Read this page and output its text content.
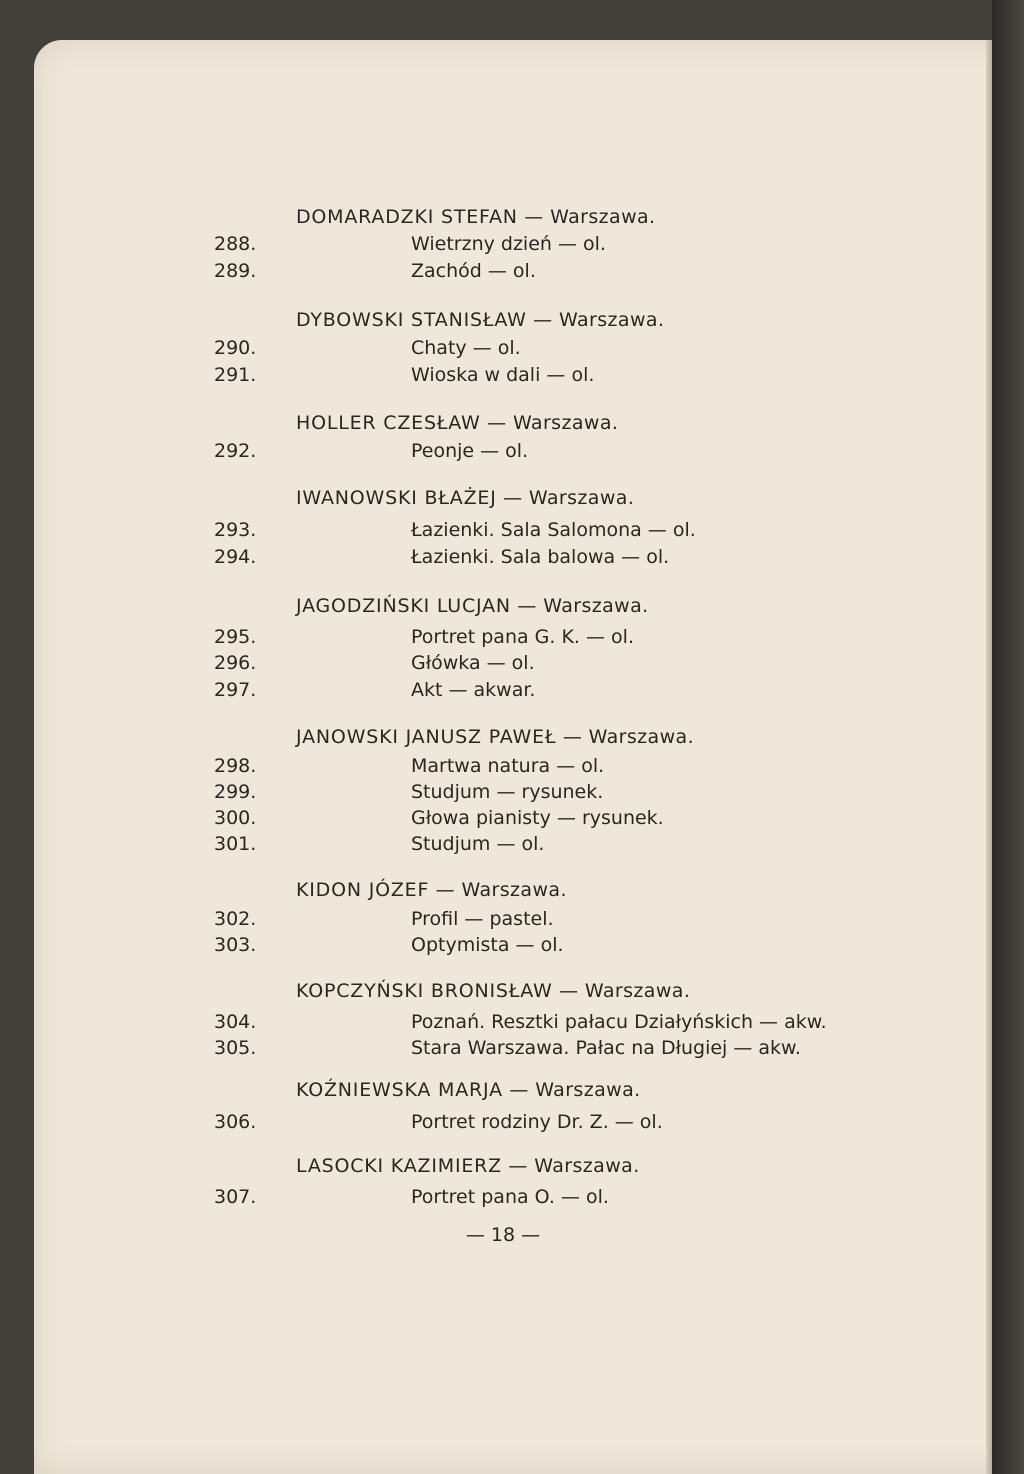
DOMARADZKI STEFAN — Warszawa.
288.	Wietrzny dzień — ol.
289.	Zachód — ol.
DYBOWSKI STANISŁAW — Warszawa.
290.	Chaty — ol.
291.	Wioska w dali — ol.
HOLLER CZESŁAW — Warszawa.
292.	Peonje — ol.
IWANOWSKI BŁAŻEJ — Warszawa.
293.	Łazienki. Sala Salomona — ol.
294.	Łazienki. Sala balowa — ol.
JAGODZIŃSKI LUCJAN — Warszawa.
295.	Portret pana G. K. — ol.
296.	Główka — ol.
297.	Akt — akwar.
JANOWSKI JANUSZ PAWEŁ — Warszawa.
298.	Martwa natura — ol.
299.	Studjum — rysunek.
300.	Głowa pianisty — rysunek.
301.	Studjum — ol.
KIDON JÓZEF — Warszawa.
302.	Profil — pastel.
303.	Optymista — ol.
KOPCZYŃSKI BRONISŁAW — Warszawa.
304.	Poznań. Resztki pałacu Działyńskich — akw.
305.	Stara Warszawa. Pałac na Długiej — akw.
KOŹNIEWSKA MARJA — Warszawa.
306.	Portret rodziny Dr. Z. — ol.
LASOCKI KAZIMIERZ — Warszawa.
307.	Portret pana O. — ol.
— 18 —
